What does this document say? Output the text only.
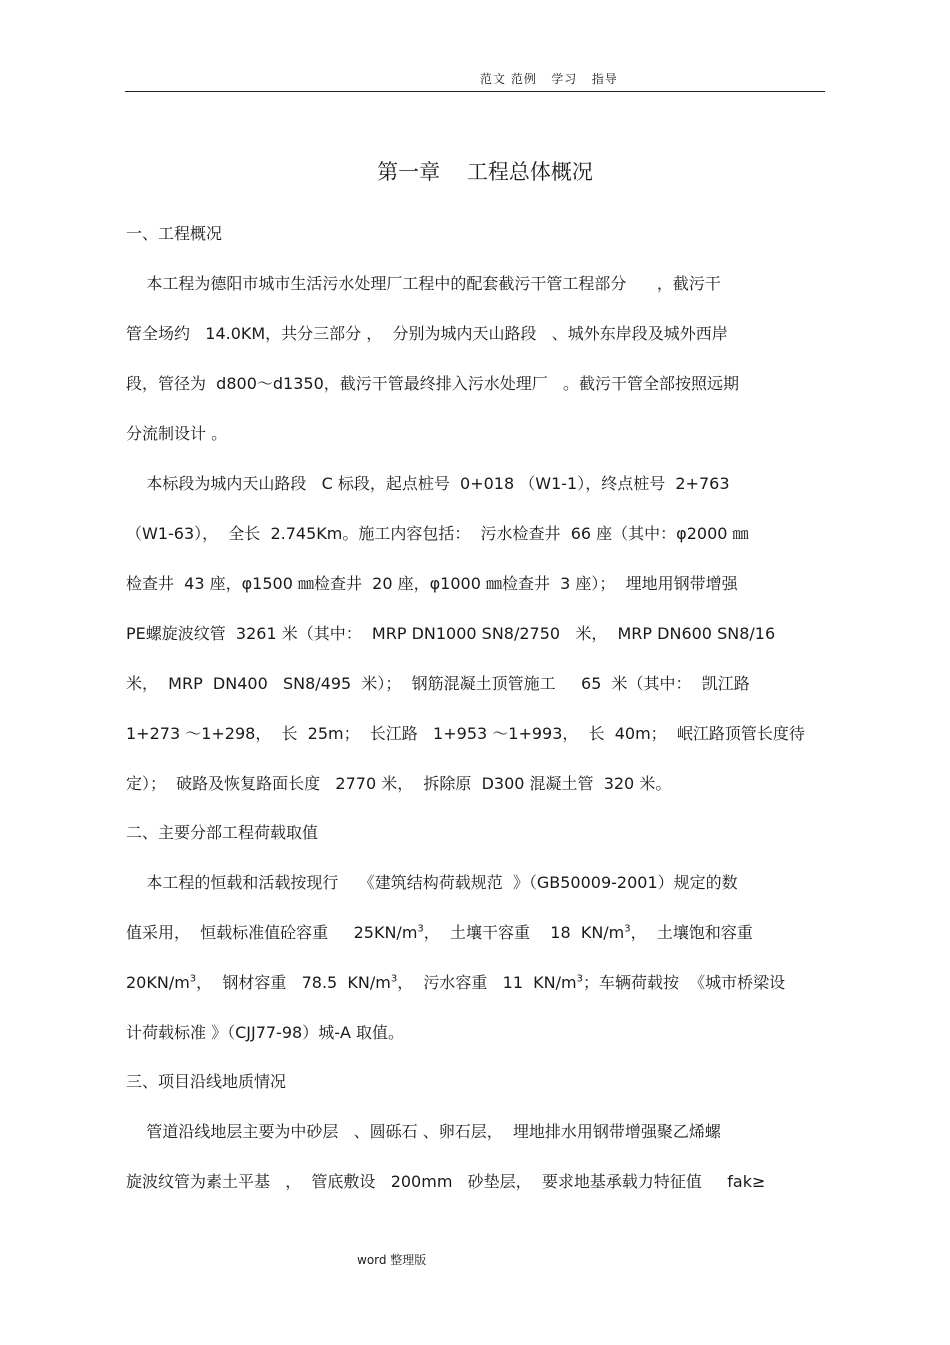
范文 范例   学习   指导
第一章    工程总体概况
一、工程概况
本工程为德阳市城市生活污水处理厂工程中的配套截污干管工程部分      ，截污干
管全场约   14.0KM，共分三部分 ，  分别为城内天山路段   、城外东岸段及城外西岸
段，管径为  d800～d1350，截污干管最终排入污水处理厂   。截污干管全部按照远期
分流制设计 。
本标段为城内天山路段   C 标段，起点桩号  0+018 （W1-1），终点桩号  2+763
（W1-63），  全长  2.745Km。施工内容包括：  污水检查井  66 座（其中：φ2000 ㎜
检查井  43 座，φ1500 ㎜检查井  20 座，φ1000 ㎜检查井  3 座）；  埋地用钢带增强
PE螺旋波纹管  3261 米（其中：  MRP DN1000 SN8/2750   米，  MRP DN600 SN8/16
米，  MRP  DN400   SN8/495  米）；  钢筋混凝土顶管施工     65  米（其中：  凯江路
1+273 ～1+298，  长  25m；  长江路   1+953 ～1+993，  长  40m；  岷江路顶管长度待
定）；  破路及恢复路面长度   2770 米，  拆除原  D300 混凝土管  320 米。
二、主要分部工程荷载取值
本工程的恒载和活载按现行    《建筑结构荷载规范  》（GB50009-2001）规定的数
值采用，  恒载标准值砼容重     $25KN/m^3$，  土壤干容重    18  $KN/m^3$，  土壤饱和容重
$20KN/m^3$，  钢材容重   78.5  $KN/m^3$，  污水容重   11  $KN/m^3$；车辆荷载按  《城市桥梁设
计荷载标准 》（CJJ77-98）城-A 取值。
三、项目沿线地质情况
管道沿线地层主要为中砂层   、圆砾石 、卵石层，  埋地排水用钢带增强聚乙烯螺
旋波纹管为素土平基   ，  管底敷设   200mm   砂垫层，  要求地基承载力特征值     fak≥
word 整理版
